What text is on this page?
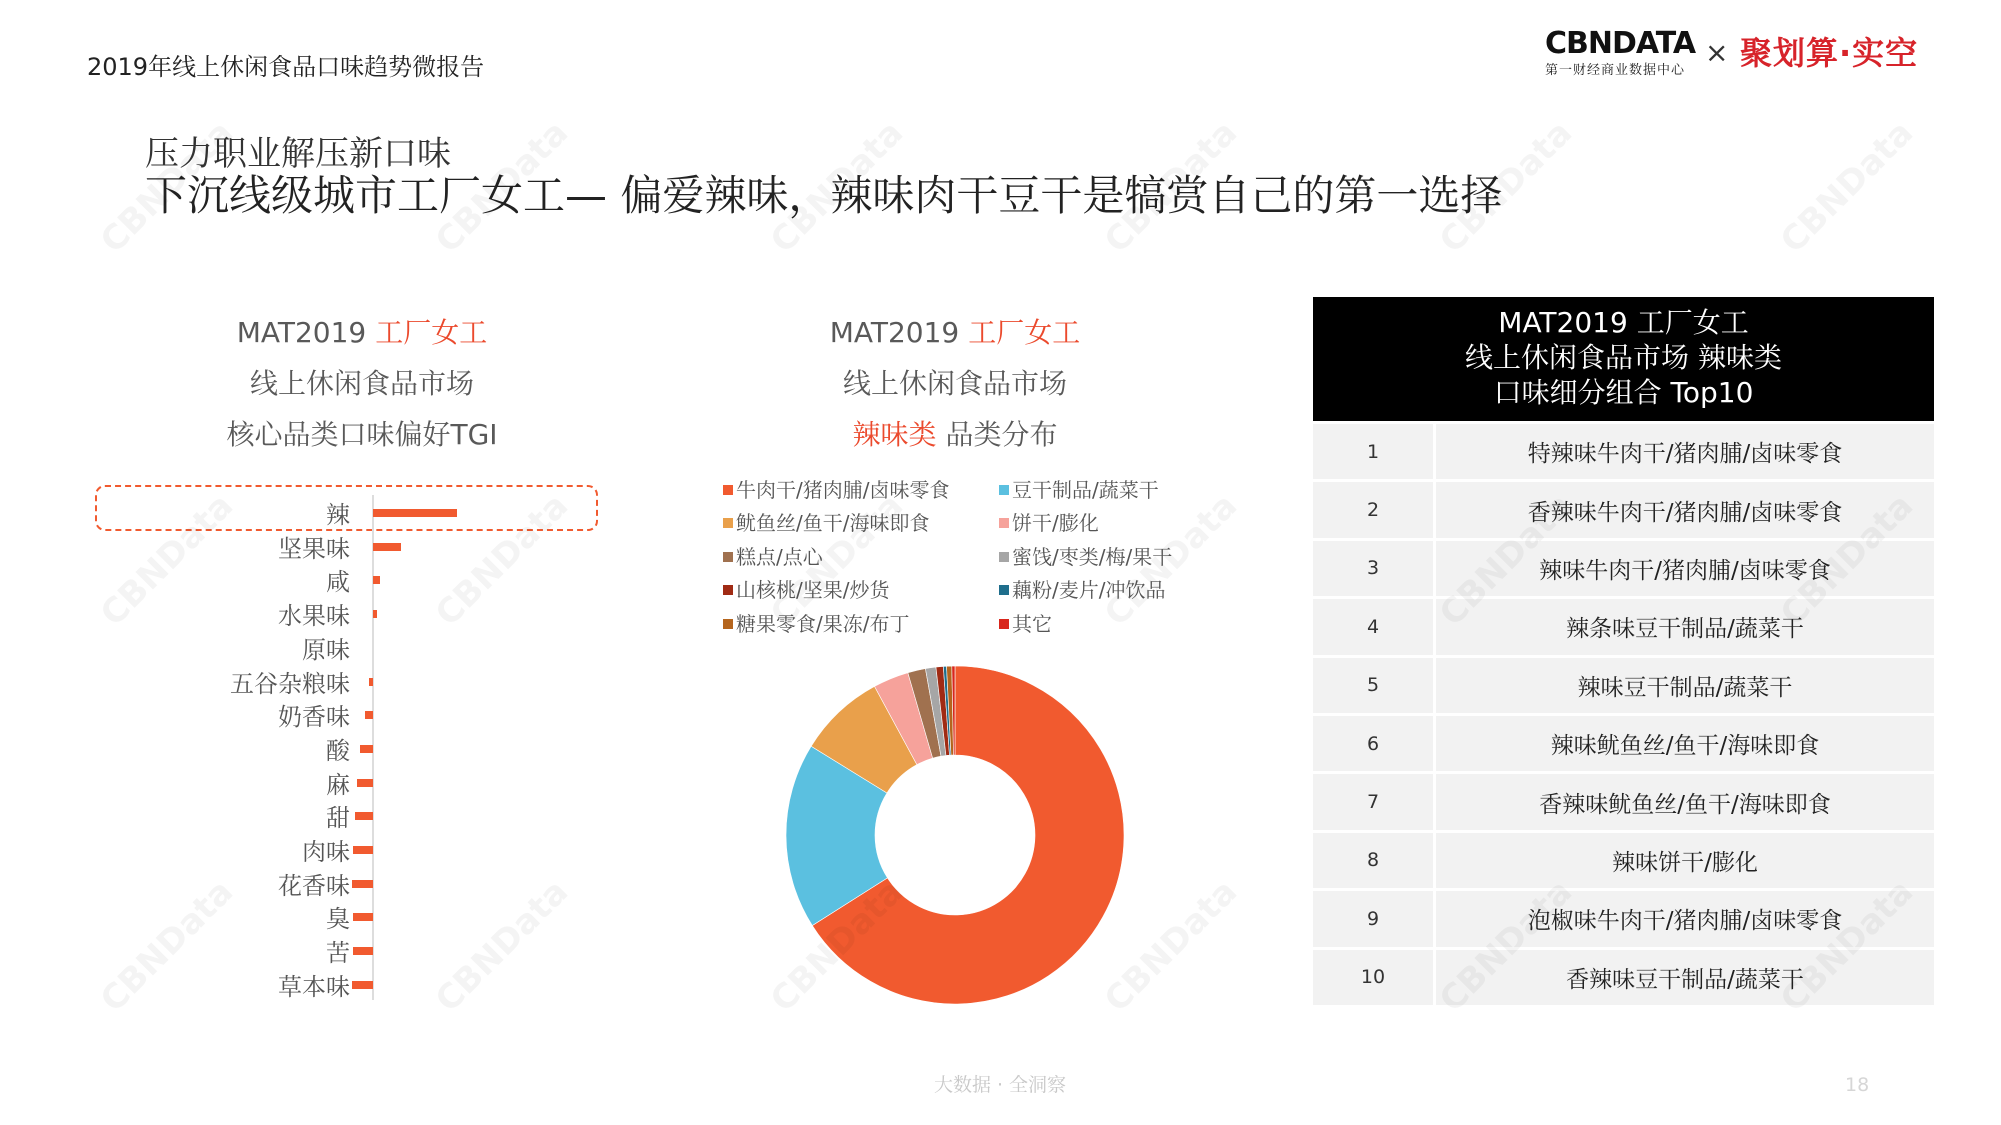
2019年线上休闲食品口味趋势微报告
CBNDATA
第一财经商业数据中心
× 聚划算·实空
压力职业解压新口味
下沉线级城市工厂女工— 偏爱辣味，辣味肉干豆干是犒赏自己的第一选择
MAT2019 工厂女工
线上休闲食品市场
核心品类口味偏好TGI
辣
坚果味
咸
水果味
原味
五谷杂粮味
奶香味
酸
麻
甜
肉味
花香味
臭
苦
草本味
MAT2019 工厂女工
线上休闲食品市场
辣味类 品类分布
牛肉干/猪肉脯/卤味零食	豆干制品/蔬菜干
鱿鱼丝/鱼干/海味即食	饼干/膨化
糕点/点心	蜜饯/枣类/梅/果干
山核桃/坚果/炒货	藕粉/麦片/冲饮品
糖果零食/果冻/布丁	其它
MAT2019 工厂女工
线上休闲食品市场 辣味类
口味细分组合 Top10
1	特辣味牛肉干/猪肉脯/卤味零食
2	香辣味牛肉干/猪肉脯/卤味零食
3	辣味牛肉干/猪肉脯/卤味零食
4	辣条味豆干制品/蔬菜干
5	辣味豆干制品/蔬菜干
6	辣味鱿鱼丝/鱼干/海味即食
7	香辣味鱿鱼丝/鱼干/海味即食
8	辣味饼干/膨化
9	泡椒味牛肉干/猪肉脯/卤味零食
10	香辣味豆干制品/蔬菜干
大数据 · 全洞察	18
